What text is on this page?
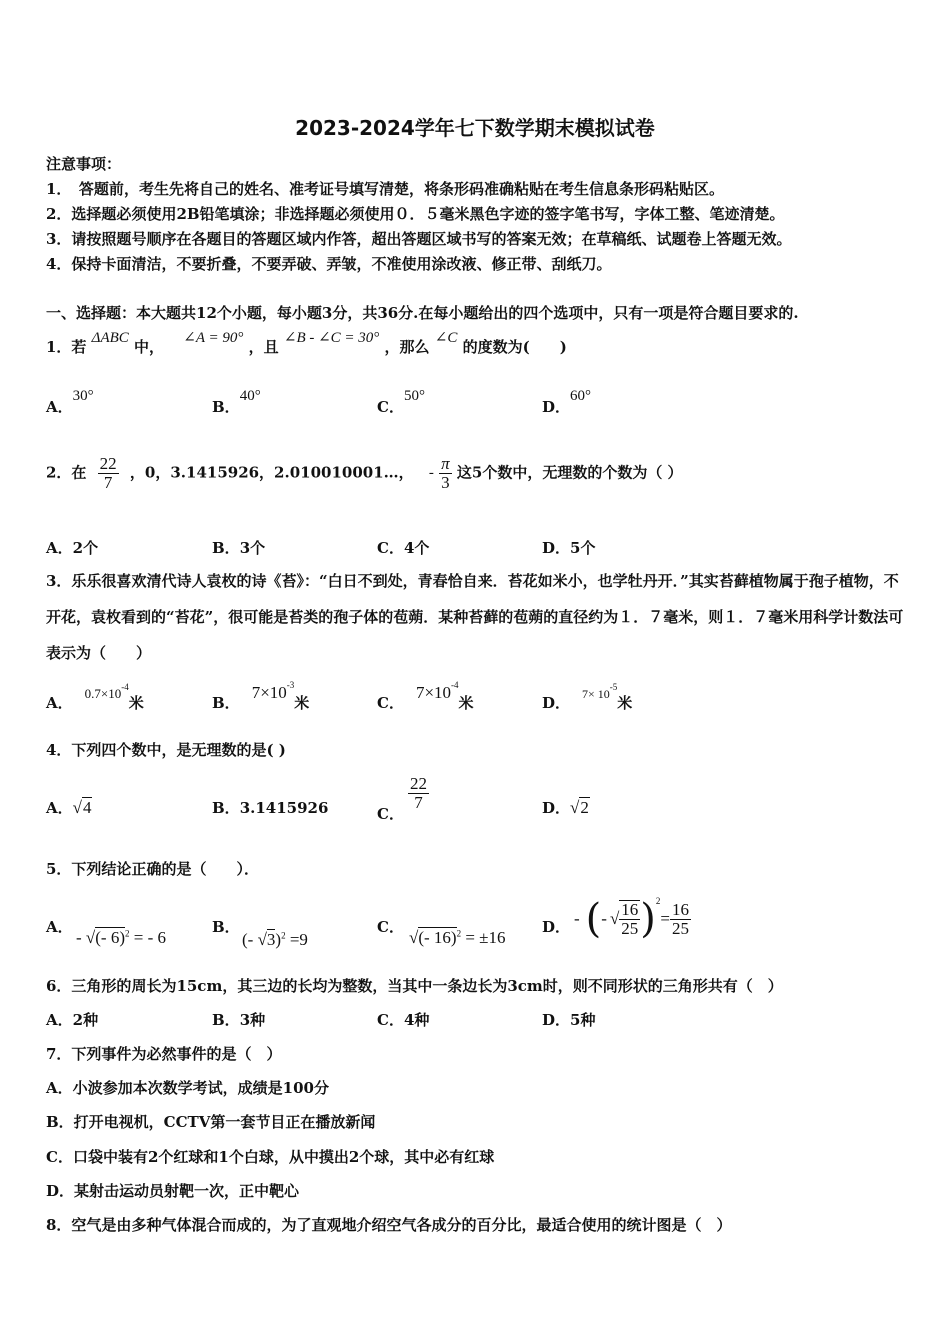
2023-2024学年七下数学期末模拟试卷
注意事项：
1．　答题前，考生先将自己的姓名、准考证号填写清楚，将条形码准确粘贴在考生信息条形码粘贴区。
2．选择题必须使用2B铅笔填涂；非选择题必须使用０．５毫米黑色字迹的签字笔书写，字体工整、笔迹清楚。
3．请按照题号顺序在各题目的答题区域内作答，超出答题区域书写的答案无效；在草稿纸、试题卷上答题无效。
4．保持卡面清洁，不要折叠，不要弄破、弄皱，不准使用涂改液、修正带、刮纸刀。
一、选择题：本大题共12个小题，每小题3分，共36分.在每小题给出的四个选项中，只有一项是符合题目要求的.
1．若 ΔABC 中， ∠A = 90° ，且 ∠B - ∠C = 30° ，那么 ∠C 的度数为(　　)
A．30°
B．40°
C．50°
D．60°
2．在 $\frac{22}{7}$ ，0，3.1415926，2.010010001…， - $\frac{\pi}{3}$ 这5个数中，无理数的个数为（ ）
A．2个	B．3个	C．4个	D．5个
3．乐乐很喜欢清代诗人袁枚的诗《苔》：“白日不到处，青春恰自来．苔花如米小，也学牡丹开．”其实苔藓植物属于孢子植物，不开花，袁枚看到的“苔花”，很可能是苔类的孢子体的苞蒴．某种苔藓的苞蒴的直径约为１．７毫米，则１．７毫米用科学计数法可表示为（　　）
A．$0.7\times 10^{-4}$米	B．$7\times 10^{-3}$米	C．$7\times 10^{-4}$米	D． $^{7\times 10-5}$米
4．下列四个数中，是无理数的是( )
A．√4	B．3.1415926	C．
$\frac{22}{7}$	D．√2
5．下列结论正确的是（　　）．
A．
- √(- 6)$^2$ = - 6
B．
(- √3)$^2$ =9
C．
√(- 16)$^2$ = ±16
D． - ( - √ $\frac{16}{25} )^2$
= $\frac{16}{25}$
6．三角形的周长为15cm，其三边的长均为整数，当其中一条边长为3cm时，则不同形状的三角形共有（　）
A．2种	B．3种	C．4种	D．5种
7．下列事件为必然事件的是（　）
A．小波参加本次数学考试，成绩是100分
B．打开电视机，CCTV第一套节目正在播放新闻
C．口袋中装有2个红球和1个白球，从中摸出2个球，其中必有红球
D．某射击运动员射靶一次，正中靶心
8．空气是由多种气体混合而成的，为了直观地介绍空气各成分的百分比，最适合使用的统计图是（　）
